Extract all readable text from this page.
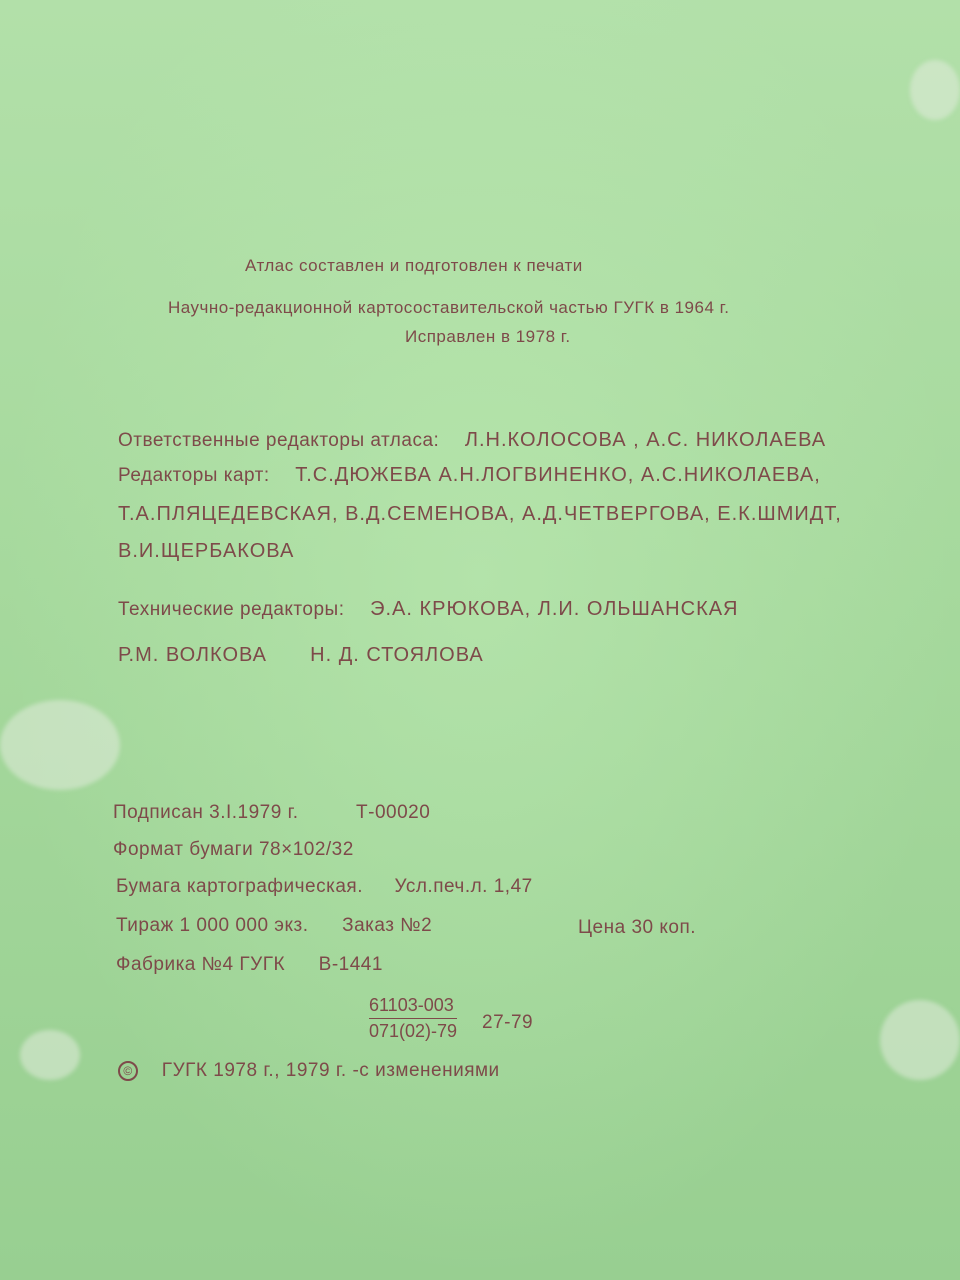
Атлас составлен и подготовлен к печати
Научно-редакционной картосоставительской частью ГУГК в 1964 г.
Исправлен в 1978 г.
Ответственные редакторы атласа: Л.Н.КОЛОСОВА , А.С. НИКОЛАЕВА
Редакторы карт: Т.С.ДЮЖЕВА А.Н.ЛОГВИНЕНКО, А.С.НИКОЛАЕВА,
Т.А.ПЛЯЦЕДЕВСКАЯ, В.Д.СЕМЕНОВА, А.Д.ЧЕТВЕРГОВА, Е.К.ШМИДТ,
В.И.ЩЕРБАКОВА
Технические редакторы: Э.А. КРЮКОВА, Л.И. ОЛЬШАНСКАЯ
Р.М. ВОЛКОВА Н. Д. СТОЯЛОВА
Подписан 3.I.1979 г.	Т-00020
Формат бумаги 78×102/32
Бумага картографическая. Усл.печ.л. 1,47
Тираж 1 000 000 экз. Заказ №2	Цена 30 коп.
Фабрика №4 ГУГК В-1441
$\frac{61103-003}{071(02)-79} 27-79$
© ГУГК 1978 г., 1979 г. -с изменениями
